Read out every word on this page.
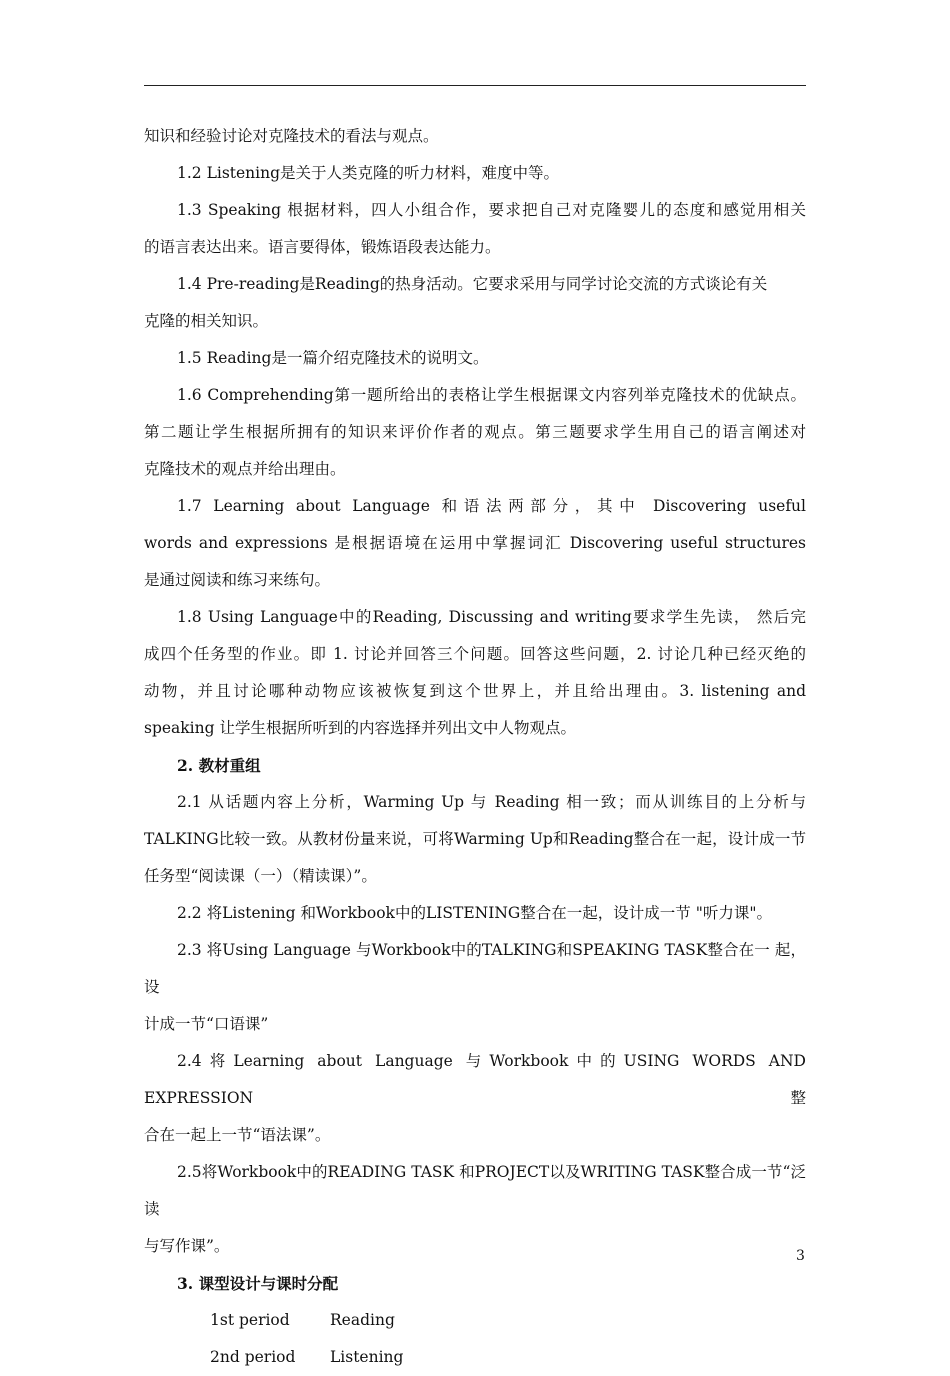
知识和经验讨论对克隆技术的看法与观点。

1.2 Listening是关于人类克隆的听力材料，难度中等。

1.3 Speaking 根据材料，四人小组合作，要求把自己对克隆婴儿的态度和感觉用相关

的语言表达出来。语言要得体，锻炼语段表达能力。

1.4 Pre-reading是Reading的热身活动。它要求采用与同学讨论交流的方式谈论有关

克隆的相关知识。

1.5 Reading是一篇介绍克隆技术的说明文。

1.6 Comprehending第一题所给出的表格让学生根据课文内容列举克隆技术的优缺点。

第二题让学生根据所拥有的知识来评价作者的观点。第三题要求学生用自己的语言阐述对

克隆技术的观点并给出理由。

1.7 Learning about Language 和语法两部分，其中 Discovering useful

words and expressions 是根据语境在运用中掌握词汇 Discovering useful structures

是通过阅读和练习来练句。

1.8 Using Language中的Reading, Discussing and writing要求学生先读， 然后完

成四个任务型的作业。即 1. 讨论并回答三个问题。回答这些问题，2. 讨论几种已经灭绝的

动物，并且讨论哪种动物应该被恢复到这个世界上，并且给出理由。3. listening and

speaking 让学生根据所听到的内容选择并列出文中人物观点。

2. 教材重组

2.1 从话题内容上分析，Warming Up 与 Reading 相一致；而从训练目的上分析与

TALKING比较一致。从教材份量来说，可将Warming Up和Reading整合在一起，设计成一节

任务型“阅读课（一）（精读课）”。

2.2 将Listening 和Workbook中的LISTENING整合在一起，设计成一节 "听力课"。

2.3 将Using Language 与Workbook中的TALKING和SPEAKING TASK整合在一 起，设

计成一节“口语课”

2.4将Learning about Language 与Workbook中的USING WORDS AND EXPRESSION整

合在一起上一节“语法课”。

2.5将Workbook中的READING TASK 和PROJECT以及WRITING TASK整合成一节“泛读

与写作课”。

3. 课型设计与课时分配

1st period	Reading
2nd period	Listening
3
